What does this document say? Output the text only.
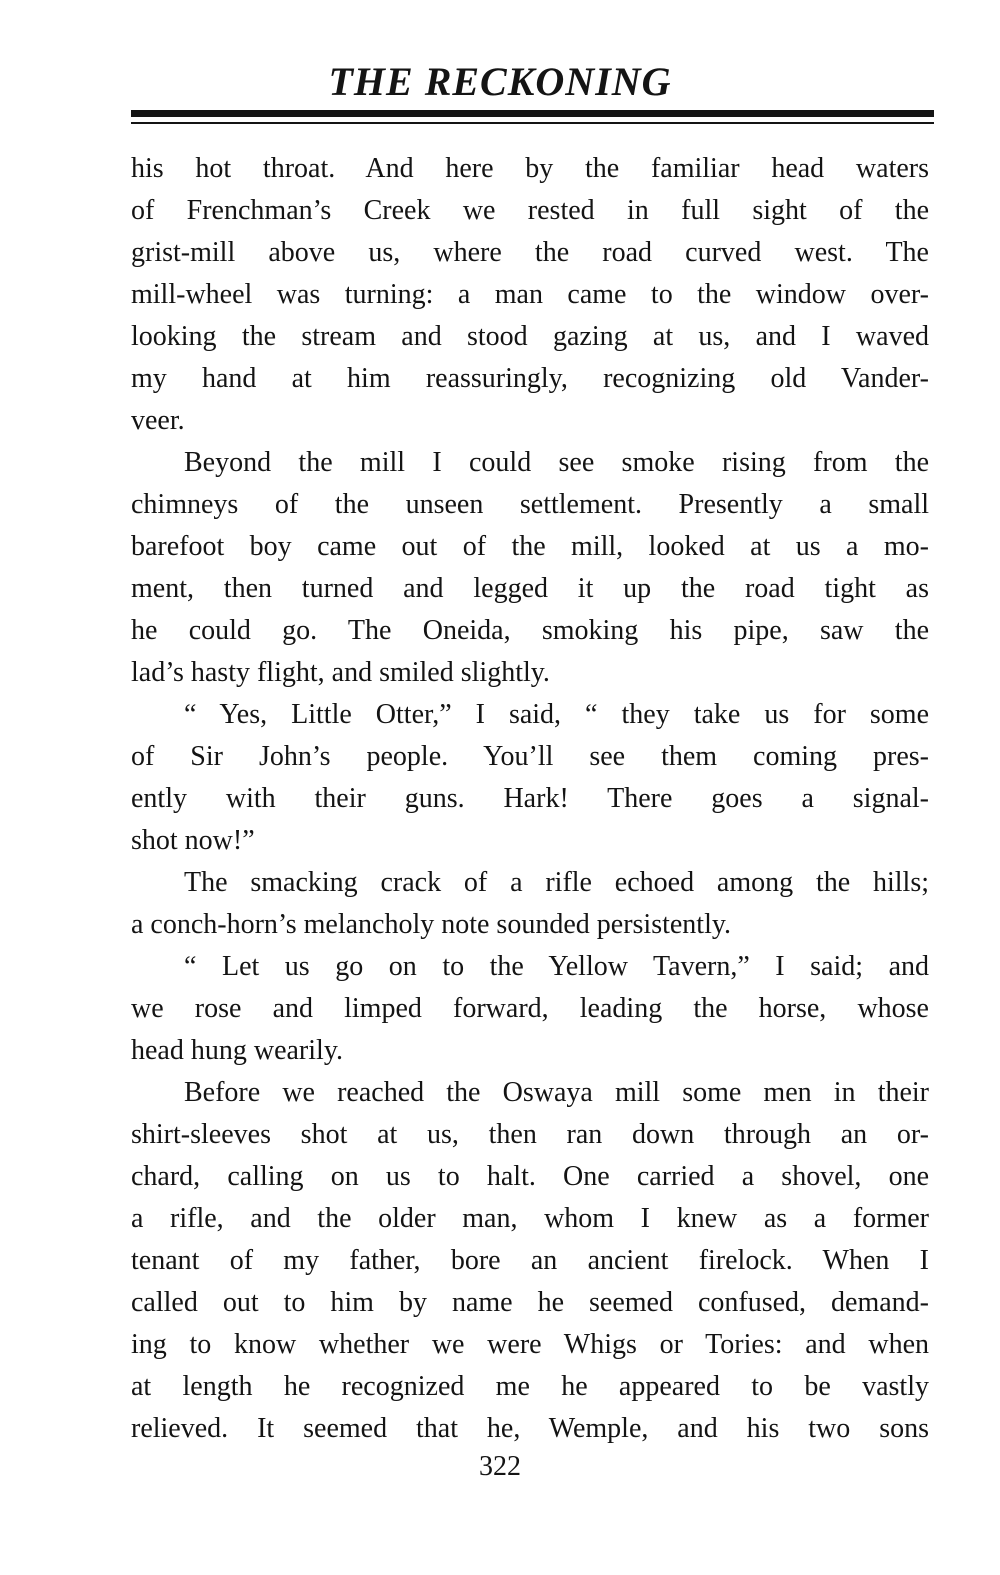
THE RECKONING
his hot throat. And here by the familiar head waters
of Frenchman’s Creek we rested in full sight of the
grist-mill above us, where the road curved west. The
mill-wheel was turning: a man came to the window over-
looking the stream and stood gazing at us, and I waved
my hand at him reassuringly, recognizing old Vander-
veer.
Beyond the mill I could see smoke rising from the
chimneys of the unseen settlement. Presently a small
barefoot boy came out of the mill, looked at us a mo-
ment, then turned and legged it up the road tight as
he could go. The Oneida, smoking his pipe, saw the
lad’s hasty flight, and smiled slightly.
“ Yes, Little Otter,” I said, “ they take us for some
of Sir John’s people. You’ll see them coming pres-
ently with their guns. Hark! There goes a signal-
shot now!”
The smacking crack of a rifle echoed among the hills;
a conch-horn’s melancholy note sounded persistently.
“ Let us go on to the Yellow Tavern,” I said; and
we rose and limped forward, leading the horse, whose
head hung wearily.
Before we reached the Oswaya mill some men in their
shirt-sleeves shot at us, then ran down through an or-
chard, calling on us to halt. One carried a shovel, one
a rifle, and the older man, whom I knew as a former
tenant of my father, bore an ancient firelock. When I
called out to him by name he seemed confused, demand-
ing to know whether we were Whigs or Tories: and when
at length he recognized me he appeared to be vastly
relieved. It seemed that he, Wemple, and his two sons
322
